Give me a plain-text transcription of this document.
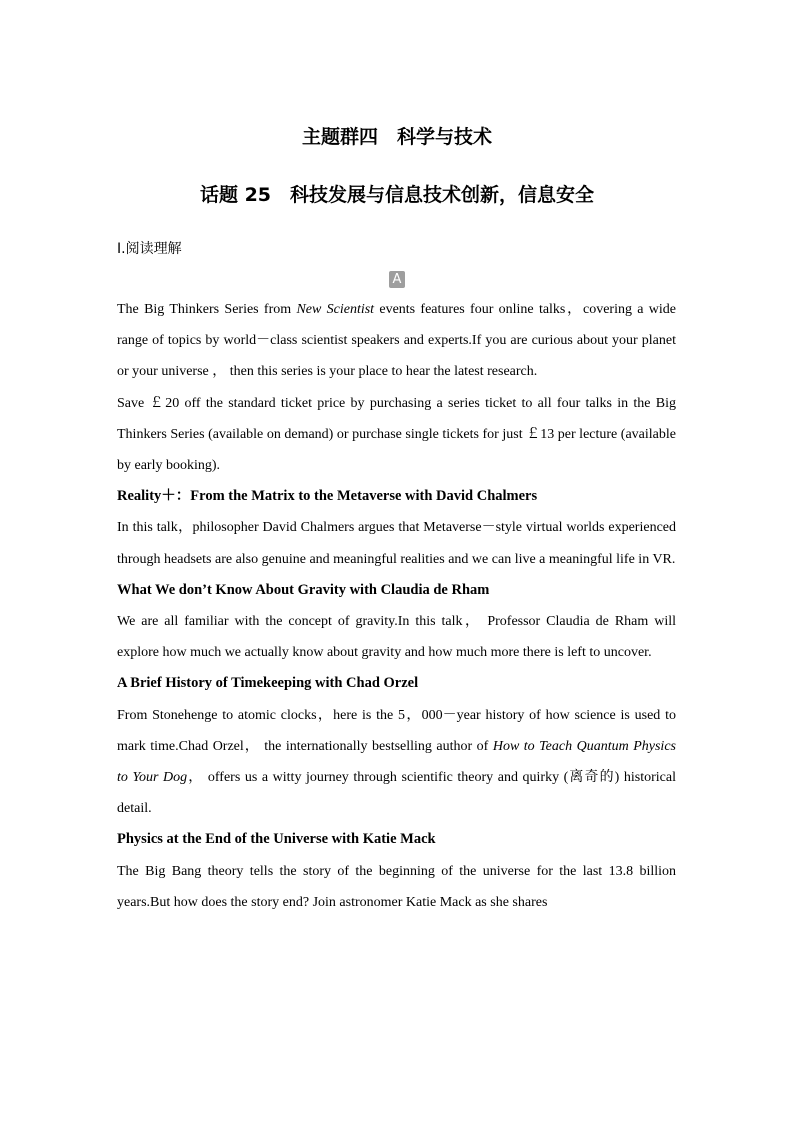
主题群四　科学与技术
话题 25　科技发展与信息技术创新，信息安全
Ⅰ.阅读理解
A

The Big Thinkers Series from New Scientist events features four online talks，covering a wide range of topics by world－class scientist speakers and experts.If you are curious about your planet or your universe ， then this series is your place to hear the latest research.

Save ￡20 off the standard ticket price by purchasing a series ticket to all four talks in the Big Thinkers Series (available on demand) or purchase single tickets for just ￡13 per lecture (available by early booking).

Reality＋：From the Matrix to the Metaverse with David Chalmers

In this talk，philosopher David Chalmers argues that Metaverse－style virtual worlds experienced through headsets are also genuine and meaningful realities and we can live a meaningful life in VR.

What We don’t Know About Gravity with Claudia de Rham

We are all familiar with the concept of gravity.In this talk， Professor Claudia de Rham will explore how much we actually know about gravity and how much more there is left to uncover.

A Brief History of Timekeeping with Chad Orzel

From Stonehenge to atomic clocks，here is the 5，000－year history of how science is used to mark time.Chad Orzel， the internationally bestselling author of How to Teach Quantum Physics to Your Dog， offers us a witty journey through scientific theory and quirky (离奇的) historical detail.

Physics at the End of the Universe with Katie Mack

The Big Bang theory tells the story of the beginning of the universe for the last 13.8 billion years.But how does the story end? Join astronomer Katie Mack as she shares
